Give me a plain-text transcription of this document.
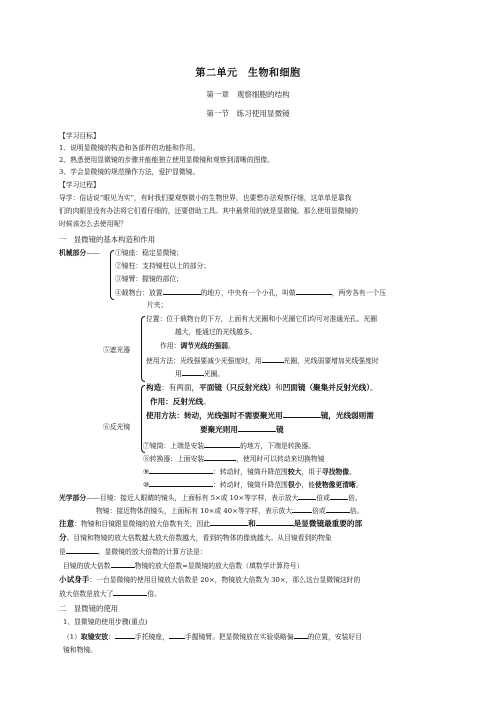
第二单元　生物和细胞
第一章　观察细胞的结构
第一节　练习使用显微镜
【学习目标】
1、说明显微镜的构造和各部件的功能和作用。
2、熟悉使用显微镜的步骤并能能独立使用显微镜和观察到清晰的图像。
3、学会显微镜的规范操作方法，爱护显微镜。
【学习过程】
导学：俗话说“眼见为实”，有时我们要观察微小的生物世界，也要想办法观察仔细，这单单是靠我
们的肉眼是没有办法将它们看仔细的，还要借助工具。其中最常用的就是显微镜。那么使用显微镜的
时候该怎么去使用呢？
一　显微镜的基本构造和作用
机械部分—— ①镜座：稳定显微镜；
②镜柱：支持镜柱以上的部分；
③镜臂：握镜的部位；
④载物台：放置	的地方，中央有一个小孔，叫做	，两旁各有一个压
片夹；
⑤遮光器
位置：位于载物台的下方，上面有大光圈和小光圈它们均可对准通光孔。光圈
越大，能通过的光线越多。
作用：调节光线的强弱。
使用方法：光线强要减少光强度时，用	光圈，光线弱要增加光线强度时
用	光圈。
⑥反光镜
构造：有两面，平面镜（只反射光线）和凹面镜（聚集并反射光线）。
作用：反射光线。
使用方法：转动，光线强时不需要聚光用	镜，光线弱则需
要聚光则用	镜
⑦镜筒：上端是安装	的地方，下端是转换器。
⑧转换器：上面安装	，使用时可以转动来切换物镜
⑨	：转动时，镜筒升降范围较大，用于寻找物像。
⑩	：转动时，镜筒升降范围很小，能使物像更清晰。
光学部分——目镜：接近人眼睛的镜头，上面标有 5×或 10×等字样，表示放大	倍或	倍。
物镜：接近物体的镜头，上面标有 10×或 40×等字样，表示放大	倍或	倍。
注意：物镜和目镜跟显微镜的放大倍数有关，因此	和	是显微镜最重要的部
分。目镜和物镜的放大倍数越大放大倍数越大，看到的物体的像就越大。从目镜看到的物象
是	。显微镜的放大倍数的计算方法是：
目镜的放大倍数	物镜的放大倍数=显微镜的放大倍数（填数学计算符号）
小试身手：一台显微镜的使用目镜放大倍数是 20×，物镜放大倍数为 30×，那么这台显微镜这时的
放大倍数是放大了	倍。
二　显微镜的使用
1、显微镜的使用步骤(重点)
（1）取镜安放：	手托镜座， 手握镜臂。把显微镜放在实验桌略偏 的位置，安装好目
镜和物镜。
